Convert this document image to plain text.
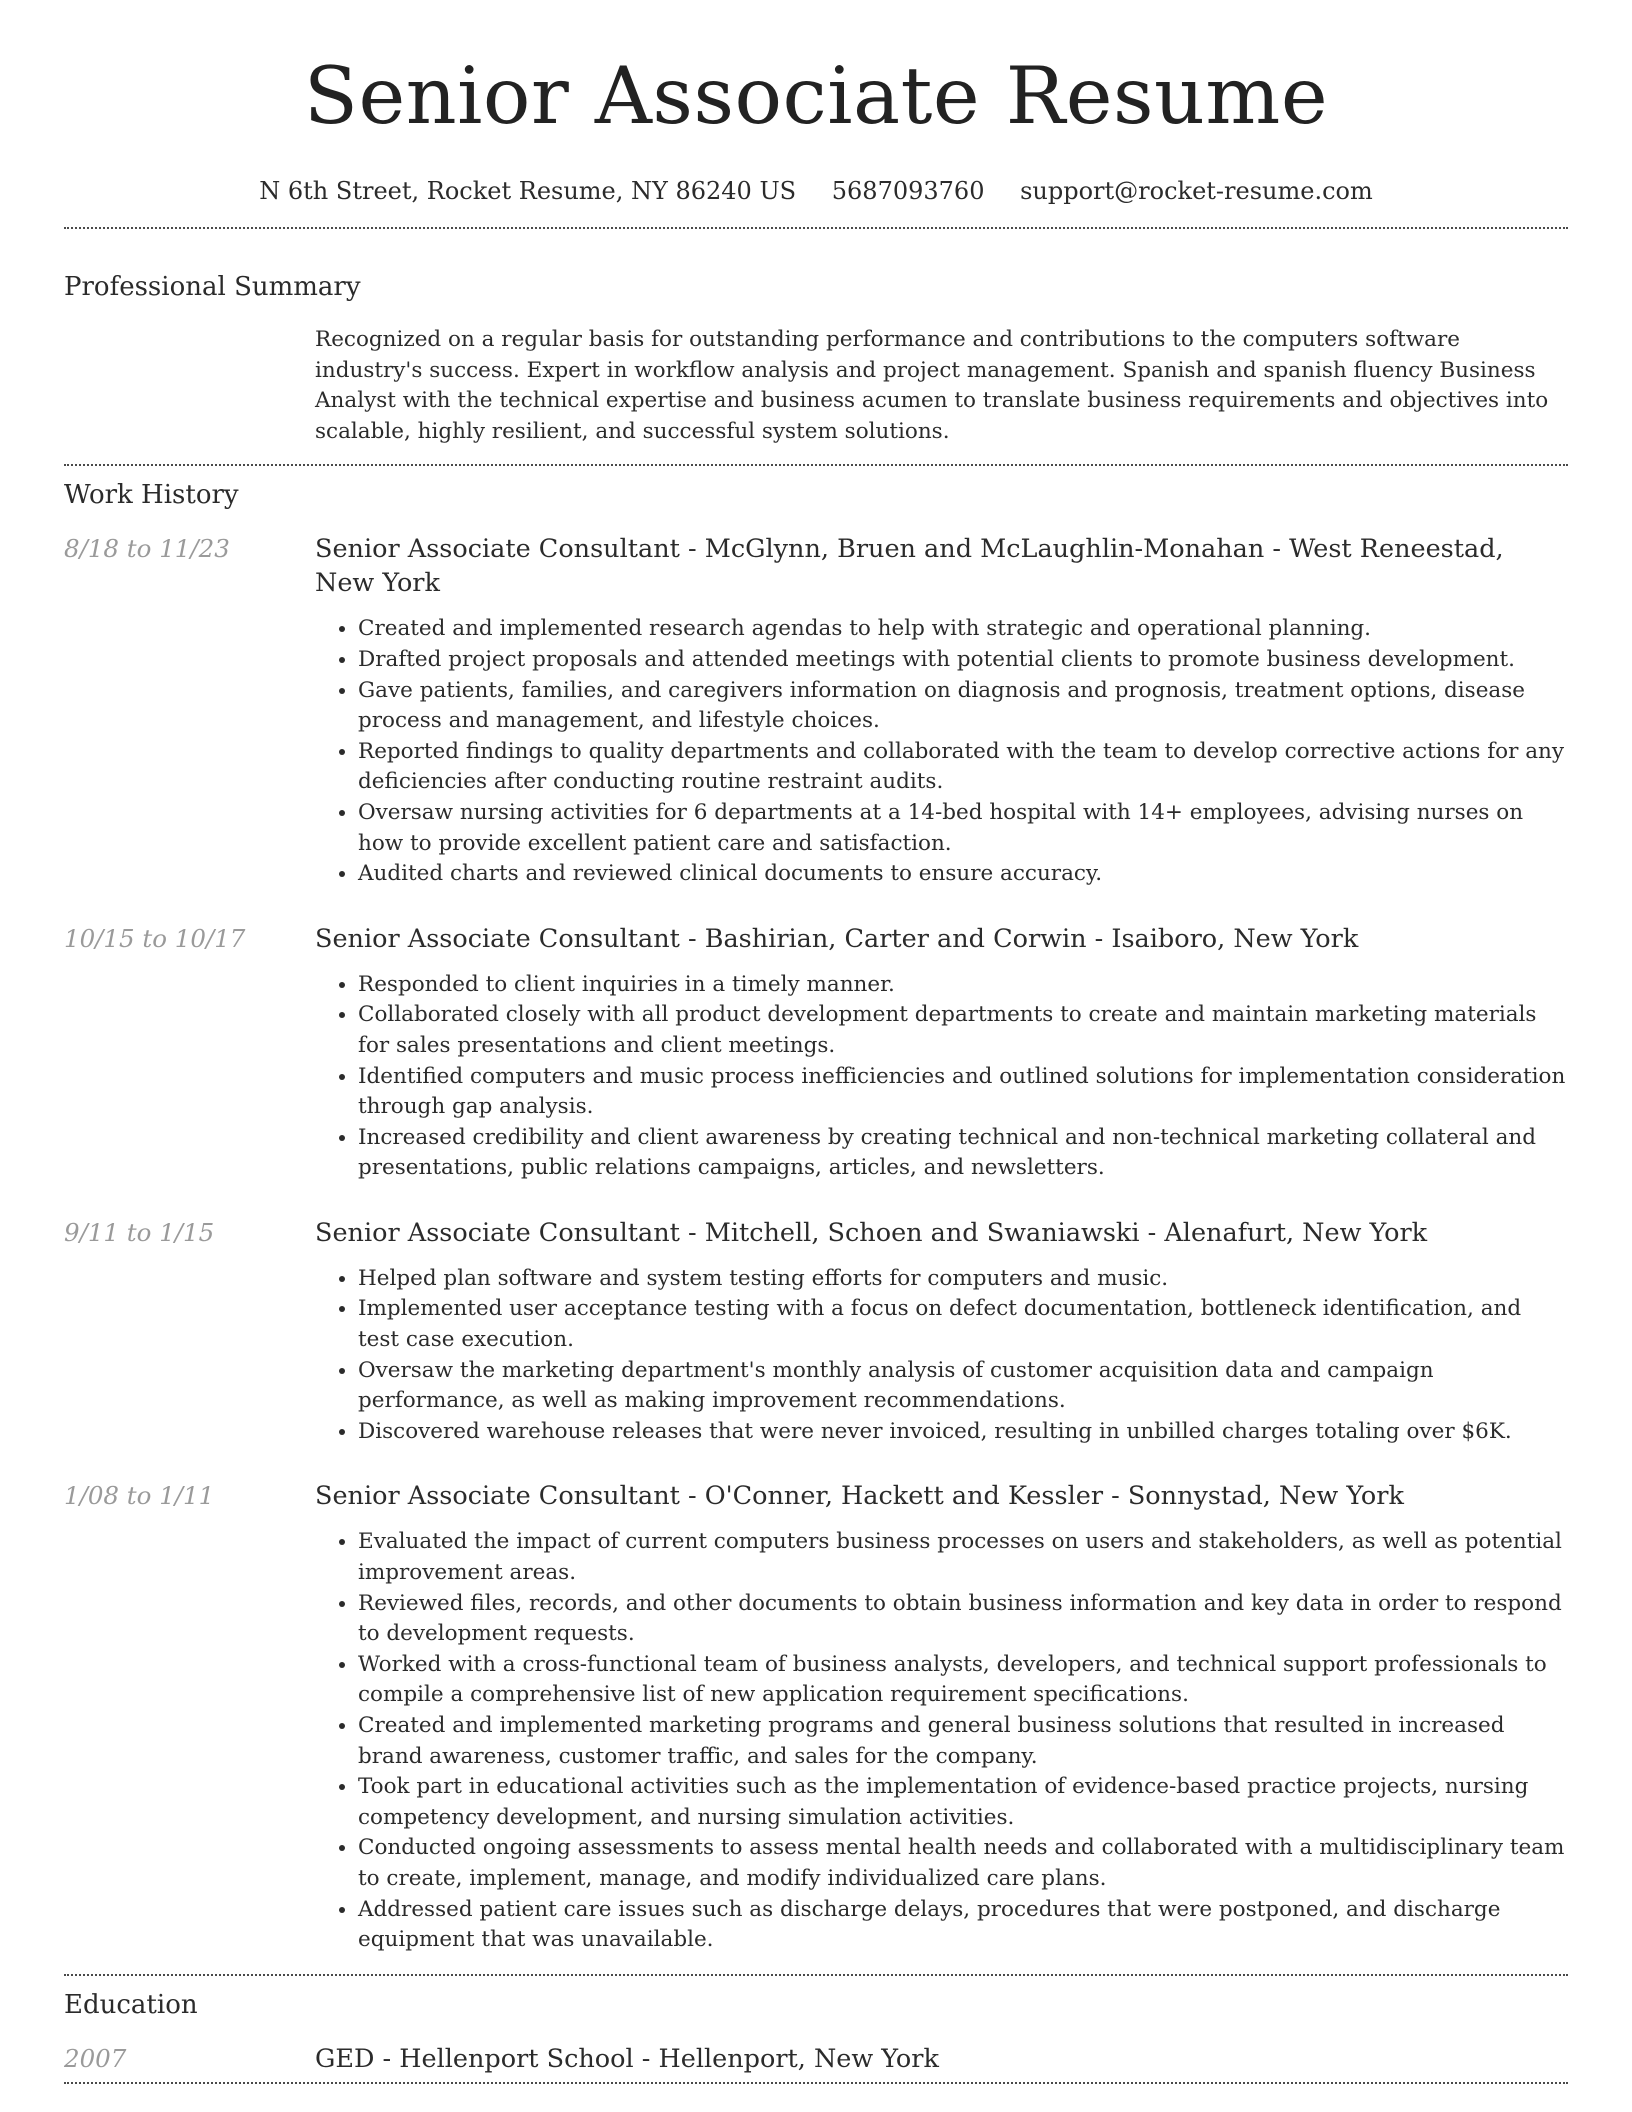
Senior Associate Resume
N 6th Street, Rocket Resume, NY 86240 US 5687093760 support@rocket-resume.com
Professional Summary
Recognized on a regular basis for outstanding performance and contributions to the computers software industry's success. Expert in workflow analysis and project management. Spanish and spanish fluency Business Analyst with the technical expertise and business acumen to translate business requirements and objectives into scalable, highly resilient, and successful system solutions.
Work History
8/18 to 11/23	Senior Associate Consultant - McGlynn, Bruen and McLaughlin-Monahan - West Reneestad, New York
• Created and implemented research agendas to help with strategic and operational planning.
• Drafted project proposals and attended meetings with potential clients to promote business development.
• Gave patients, families, and caregivers information on diagnosis and prognosis, treatment options, disease process and management, and lifestyle choices.
• Reported findings to quality departments and collaborated with the team to develop corrective actions for any deficiencies after conducting routine restraint audits.
• Oversaw nursing activities for 6 departments at a 14-bed hospital with 14+ employees, advising nurses on how to provide excellent patient care and satisfaction.
• Audited charts and reviewed clinical documents to ensure accuracy.
10/15 to 10/17	Senior Associate Consultant - Bashirian, Carter and Corwin - Isaiboro, New York
• Responded to client inquiries in a timely manner.
• Collaborated closely with all product development departments to create and maintain marketing materials for sales presentations and client meetings.
• Identified computers and music process inefficiencies and outlined solutions for implementation consideration through gap analysis.
• Increased credibility and client awareness by creating technical and non-technical marketing collateral and presentations, public relations campaigns, articles, and newsletters.
9/11 to 1/15	Senior Associate Consultant - Mitchell, Schoen and Swaniawski - Alenafurt, New York
• Helped plan software and system testing efforts for computers and music.
• Implemented user acceptance testing with a focus on defect documentation, bottleneck identification, and test case execution.
• Oversaw the marketing department's monthly analysis of customer acquisition data and campaign performance, as well as making improvement recommendations.
• Discovered warehouse releases that were never invoiced, resulting in unbilled charges totaling over $6K.
1/08 to 1/11	Senior Associate Consultant - O'Conner, Hackett and Kessler - Sonnystad, New York
• Evaluated the impact of current computers business processes on users and stakeholders, as well as potential improvement areas.
• Reviewed files, records, and other documents to obtain business information and key data in order to respond to development requests.
• Worked with a cross-functional team of business analysts, developers, and technical support professionals to compile a comprehensive list of new application requirement specifications.
• Created and implemented marketing programs and general business solutions that resulted in increased brand awareness, customer traffic, and sales for the company.
• Took part in educational activities such as the implementation of evidence-based practice projects, nursing competency development, and nursing simulation activities.
• Conducted ongoing assessments to assess mental health needs and collaborated with a multidisciplinary team to create, implement, manage, and modify individualized care plans.
• Addressed patient care issues such as discharge delays, procedures that were postponed, and discharge equipment that was unavailable.
Education
2007	GED - Hellenport School - Hellenport, New York
